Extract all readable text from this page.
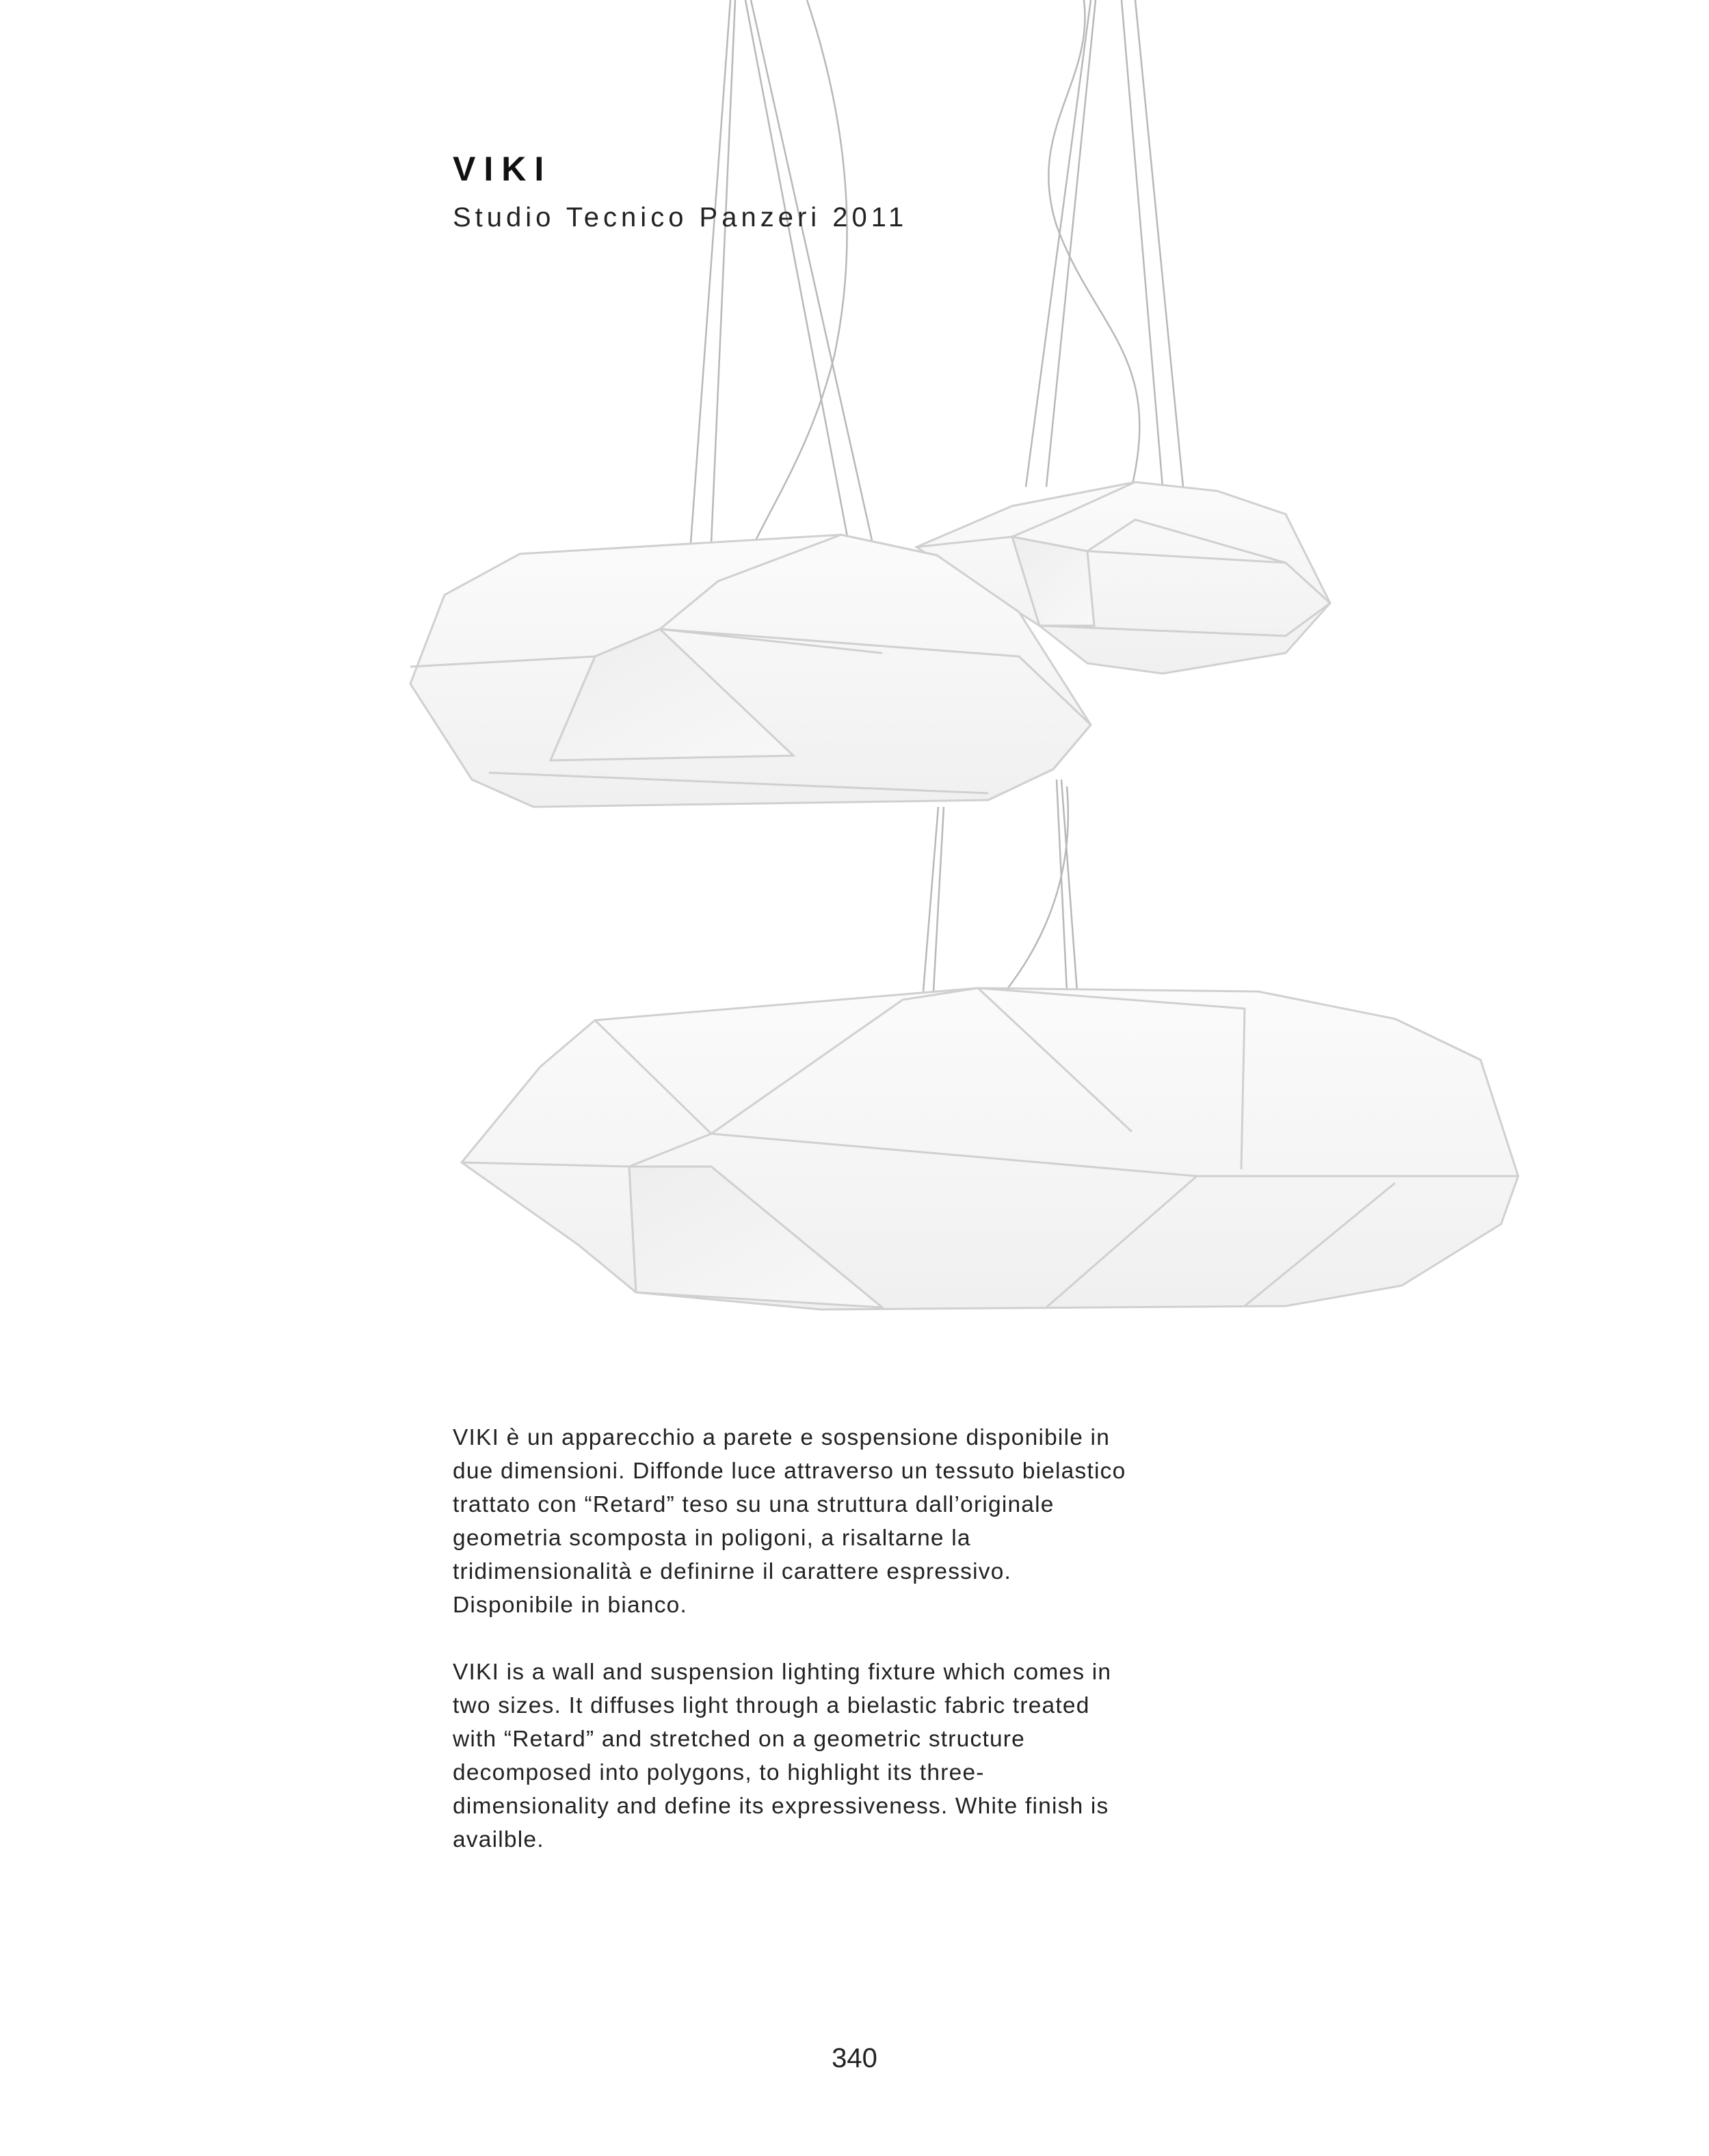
VIKI

Studio Tecnico Panzeri 2011

VIKI è un apparecchio a parete e sospensione disponibile in
due dimensioni. Diffonde luce attraverso un tessuto bielastico
trattato con “Retard” teso su una struttura dall’originale
geometria scomposta in poligoni, a risaltarne la
tridimensionalità e definirne il carattere espressivo.
Disponibile in bianco.

VIKI is a wall and suspension lighting fixture which comes in
two sizes. It diffuses light through a bielastic fabric treated
with “Retard” and stretched on a geometric structure
decomposed into polygons, to highlight its three-
dimensionality and define its expressiveness. White finish is
availble.

340
